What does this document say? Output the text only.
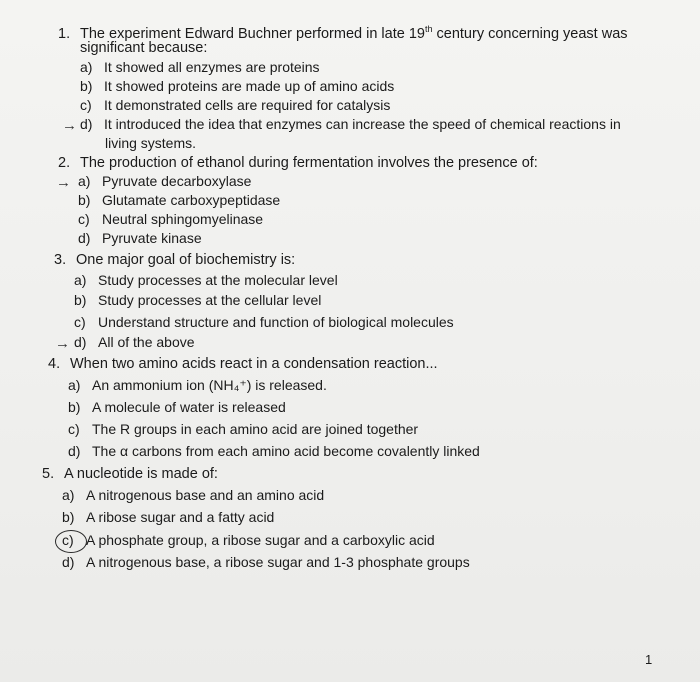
1. The experiment Edward Buchner performed in late 19th century concerning yeast was
significant because:
a) It showed all enzymes are proteins
b) It showed proteins are made up of amino acids
c) It demonstrated cells are required for catalysis
→ d) It introduced the idea that enzymes can increase the speed of chemical reactions in
living systems.
2. The production of ethanol during fermentation involves the presence of:
→ a) Pyruvate decarboxylase
b) Glutamate carboxypeptidase
c) Neutral sphingomyelinase
d) Pyruvate kinase
3. One major goal of biochemistry is:
a) Study processes at the molecular level
b) Study processes at the cellular level
c) Understand structure and function of biological molecules
→ d) All of the above
4. When two amino acids react in a condensation reaction...
a) An ammonium ion (NH₄⁺) is released.
b) A molecule of water is released
c) The R groups in each amino acid are joined together
d) The α carbons from each amino acid become covalently linked
5. A nucleotide is made of:
a) A nitrogenous base and an amino acid
b) A ribose sugar and a fatty acid
c) A phosphate group, a ribose sugar and a carboxylic acid
d) A nitrogenous base, a ribose sugar and 1-3 phosphate groups
1
